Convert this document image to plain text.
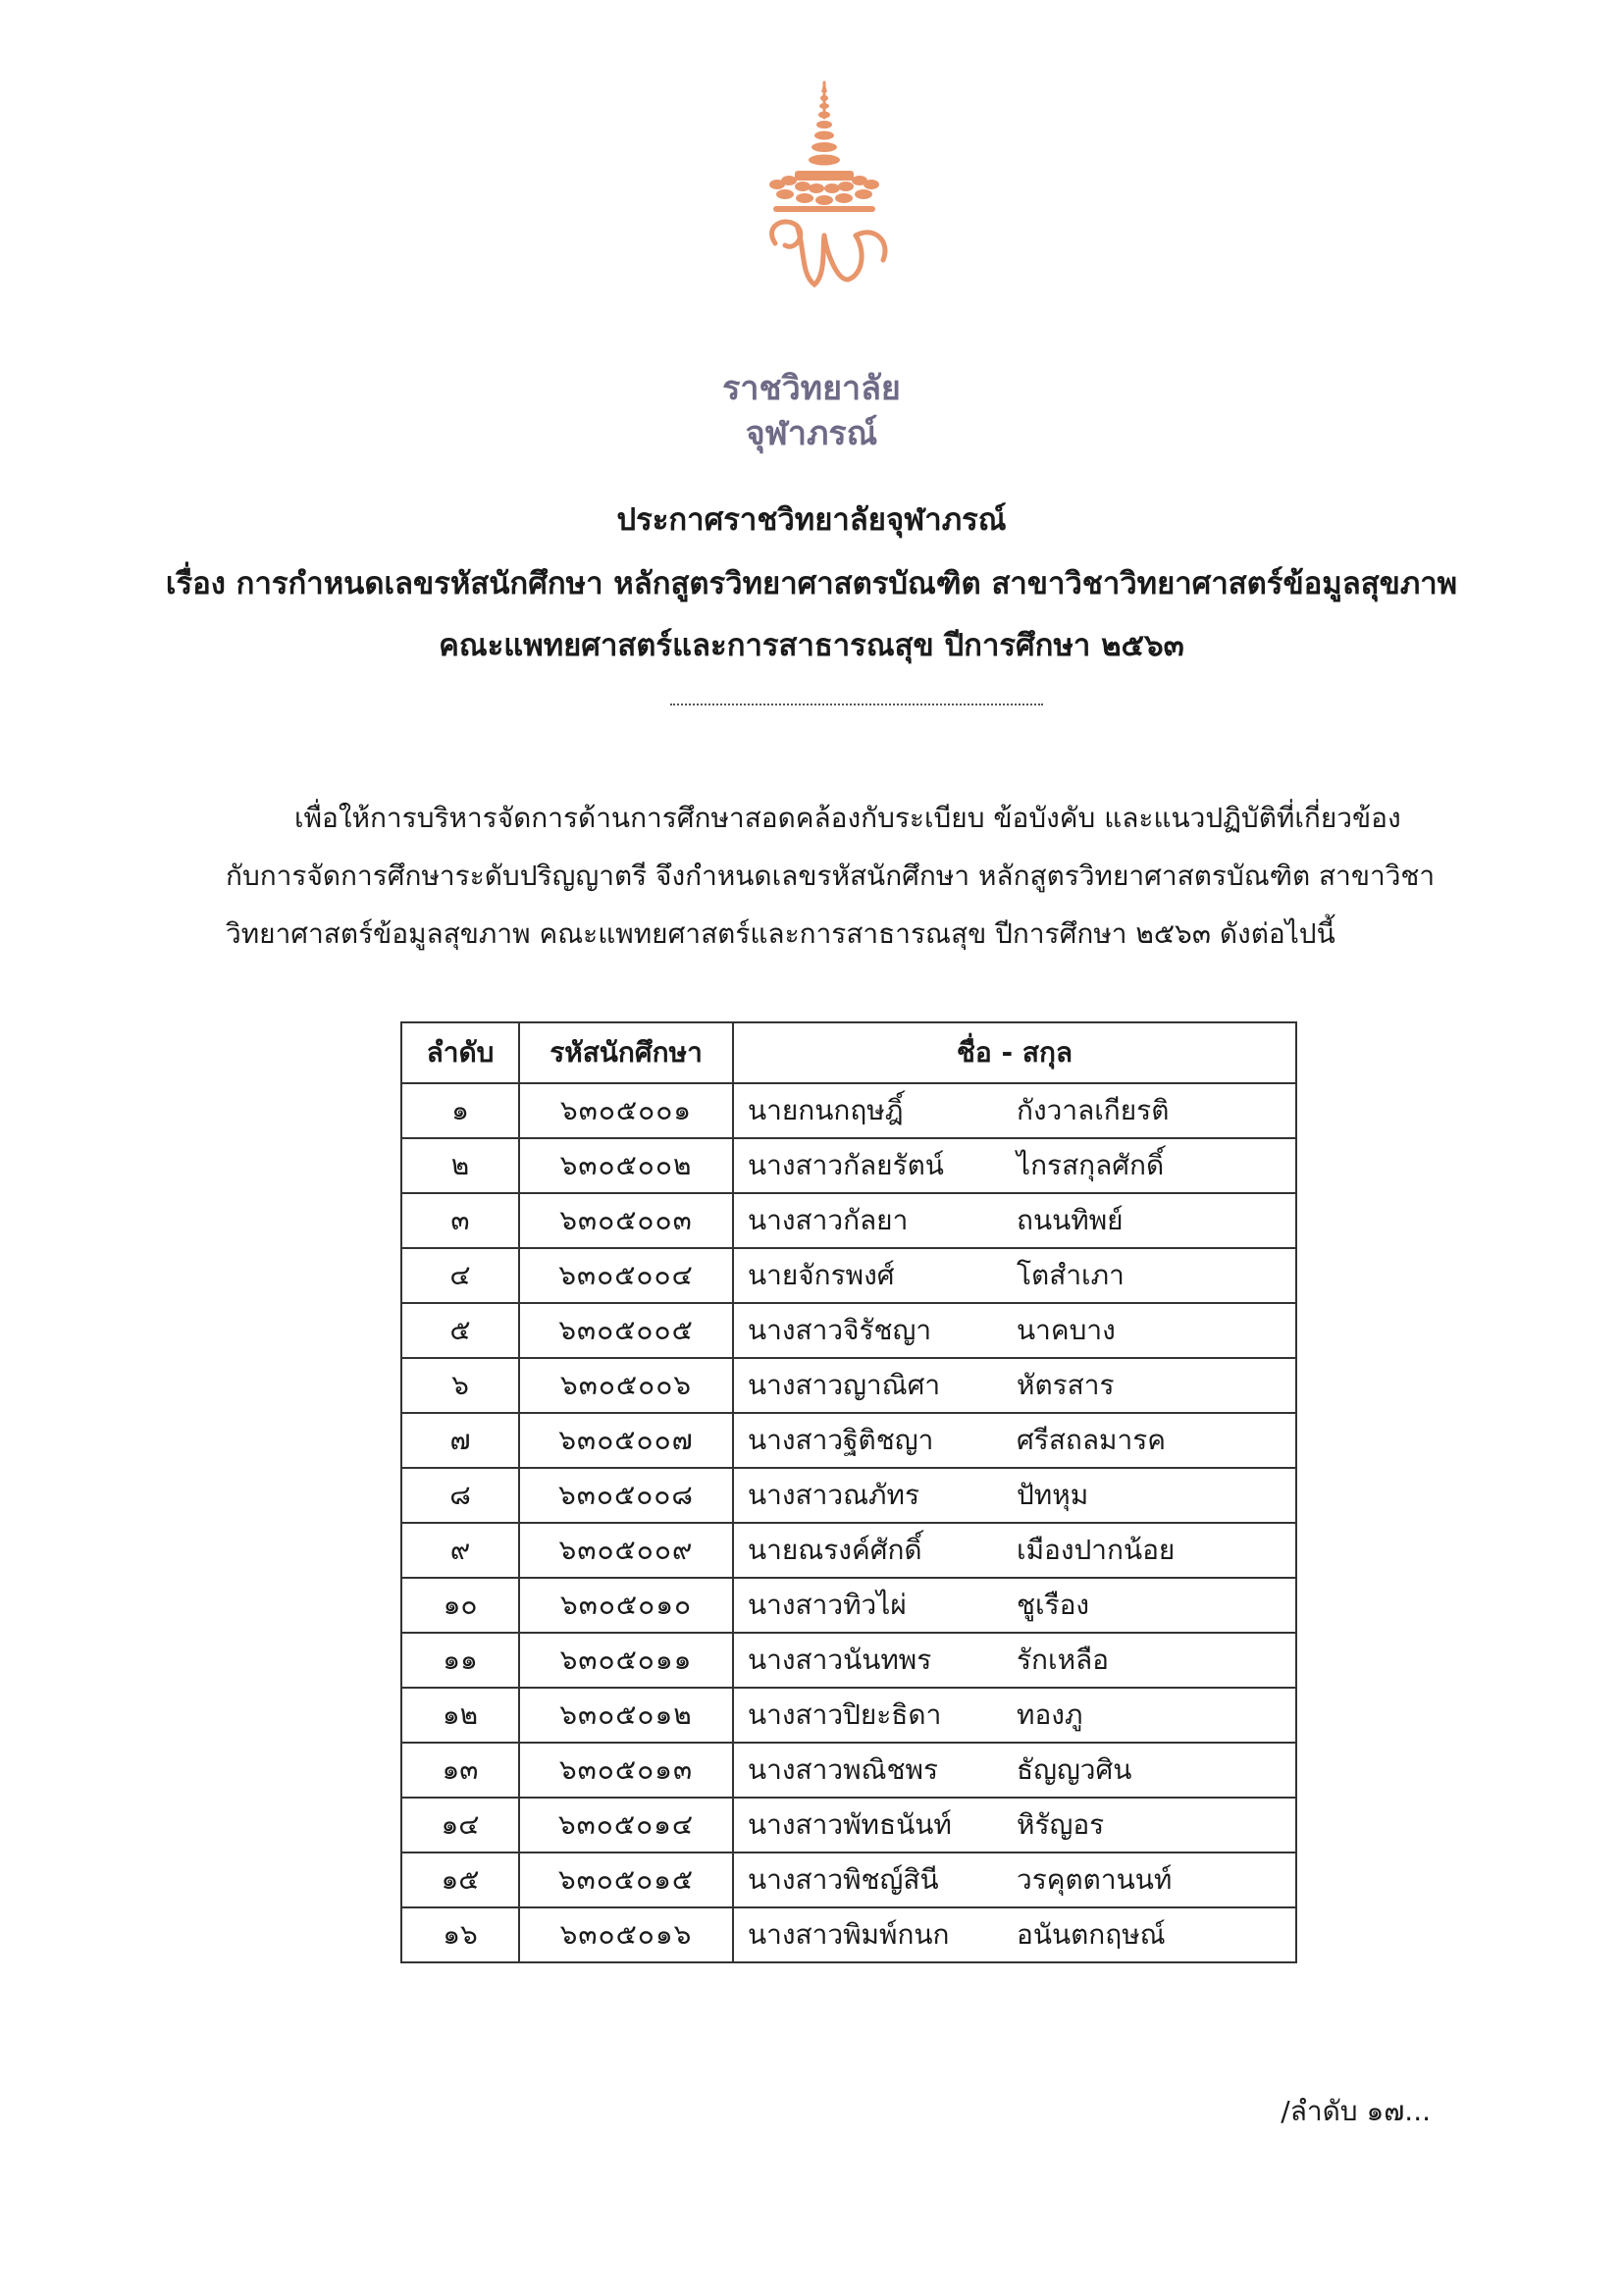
ราชวิทยาลัย
จุฬาภรณ์
ประกาศราชวิทยาลัยจุฬาภรณ์
เรื่อง การกำหนดเลขรหัสนักศึกษา หลักสูตรวิทยาศาสตรบัณฑิต สาขาวิชาวิทยาศาสตร์ข้อมูลสุขภาพ
คณะแพทยศาสตร์และการสาธารณสุข ปีการศึกษา ๒๕๖๓
เพื่อให้การบริหารจัดการด้านการศึกษาสอดคล้องกับระเบียบ ข้อบังคับ และแนวปฏิบัติที่เกี่ยวข้อง
กับการจัดการศึกษาระดับปริญญาตรี จึงกำหนดเลขรหัสนักศึกษา หลักสูตรวิทยาศาสตรบัณฑิต สาขาวิชา
วิทยาศาสตร์ข้อมูลสุขภาพ คณะแพทยศาสตร์และการสาธารณสุข ปีการศึกษา ๒๕๖๓ ดังต่อไปนี้
ลำดับ	รหัสนักศึกษา	ชื่อ - สกุล
๑	๖๓๐๕๐๐๑	นายกนกฤษฎิ์ กังวาลเกียรติ
๒	๖๓๐๕๐๐๒	นางสาวกัลยรัตน์ ไกรสกุลศักดิ์
๓	๖๓๐๕๐๐๓	นางสาวกัลยา ถนนทิพย์
๔	๖๓๐๕๐๐๔	นายจักรพงศ์ โตสำเภา
๕	๖๓๐๕๐๐๕	นางสาวจิรัชญา นาคบาง
๖	๖๓๐๕๐๐๖	นางสาวญาณิศา หัตรสาร
๗	๖๓๐๕๐๐๗	นางสาวฐิติชญา ศรีสถลมารค
๘	๖๓๐๕๐๐๘	นางสาวณภัทร ปัทหุม
๙	๖๓๐๕๐๐๙	นายณรงค์ศักดิ์ เมืองปากน้อย
๑๐	๖๓๐๕๐๑๐	นางสาวทิวไผ่ ชูเรือง
๑๑	๖๓๐๕๐๑๑	นางสาวนันทพร รักเหลือ
๑๒	๖๓๐๕๐๑๒	นางสาวปิยะธิดา ทองภู
๑๓	๖๓๐๕๐๑๓	นางสาวพณิชพร ธัญญวศิน
๑๔	๖๓๐๕๐๑๔	นางสาวพัทธนันท์ หิรัญอร
๑๕	๖๓๐๕๐๑๕	นางสาวพิชญ์สินี วรคุตตานนท์
๑๖	๖๓๐๕๐๑๖	นางสาวพิมพ์กนก อนันตกฤษณ์
/ลำดับ ๑๗...
